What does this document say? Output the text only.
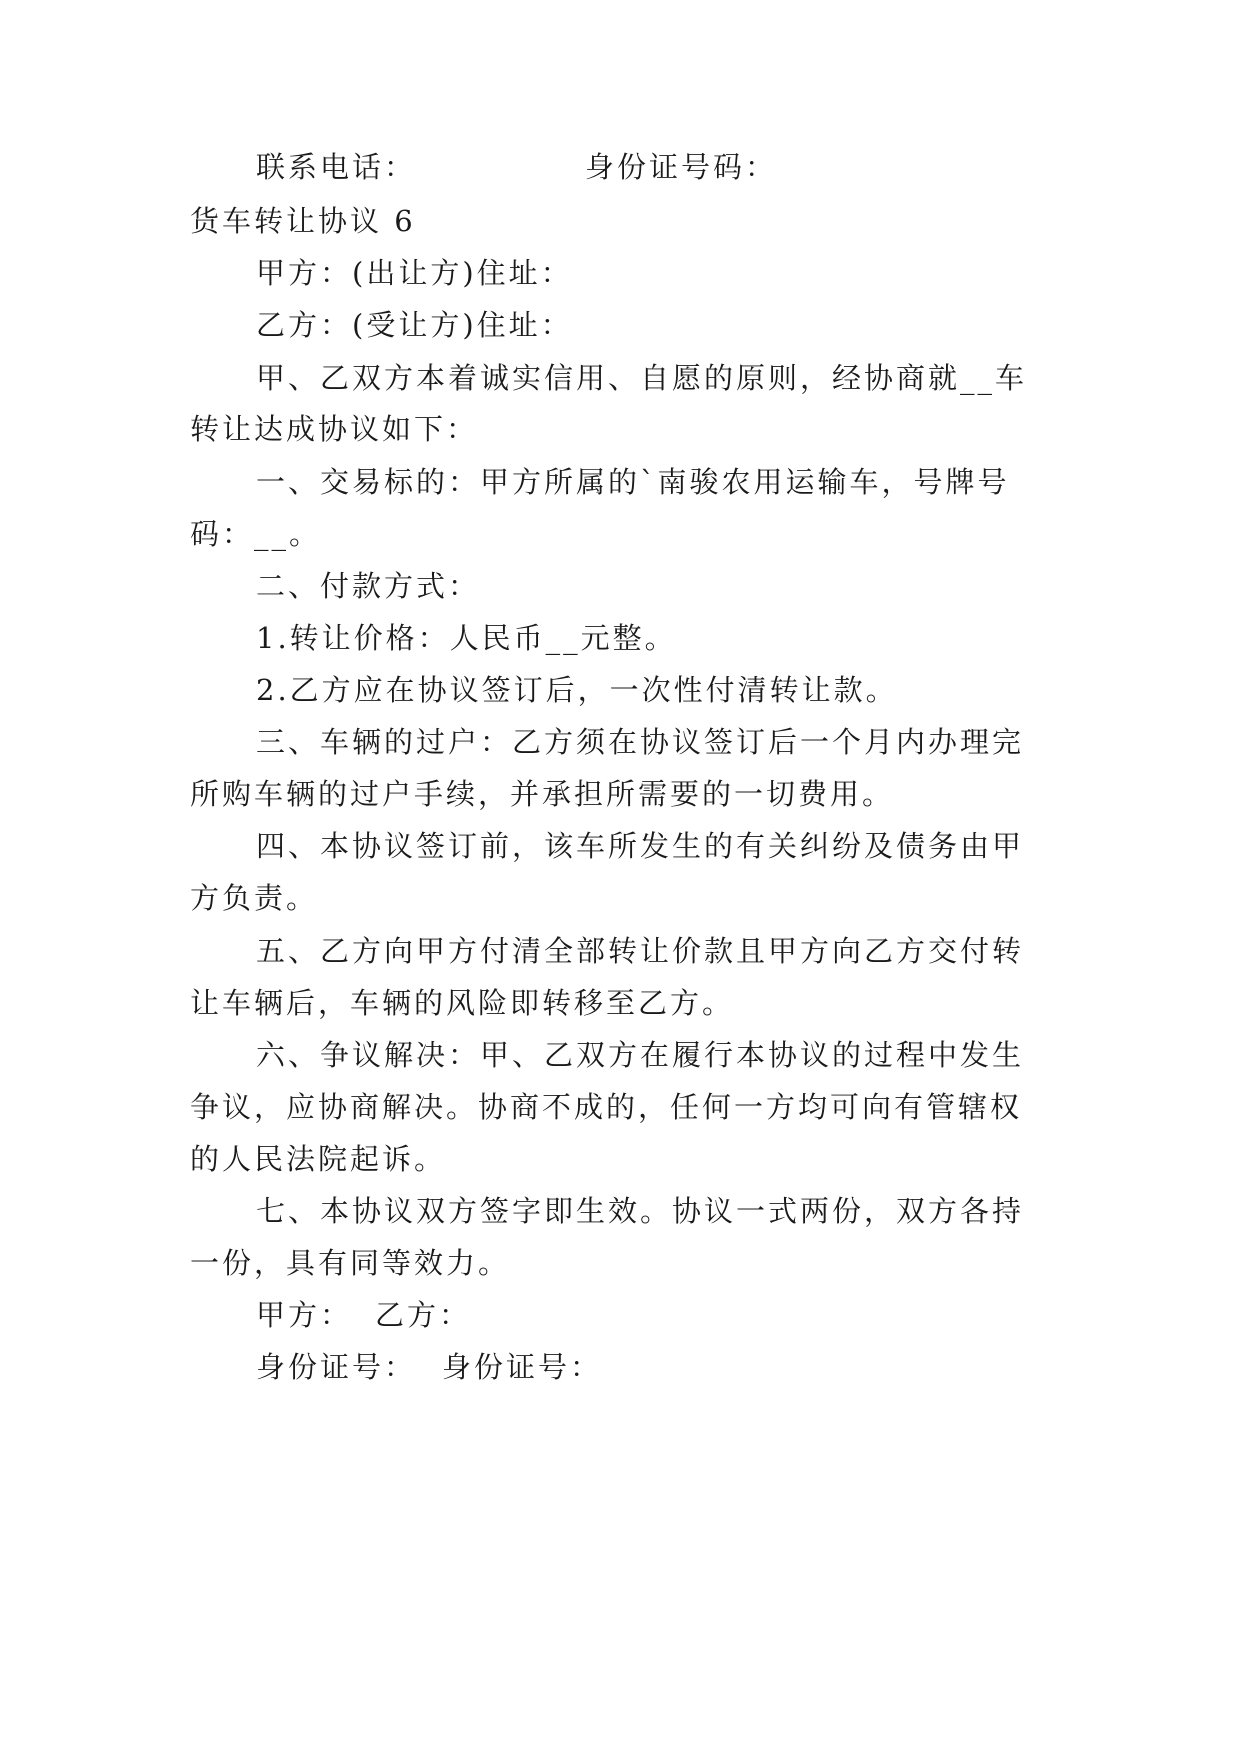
联系电话：	身份证号码：
货车转让协议 6
甲方：(出让方)住址：
乙方：(受让方)住址：
甲、乙双方本着诚实信用、自愿的原则，经协商就__车
转让达成协议如下：
一、交易标的：甲方所属的`南骏农用运输车，号牌号
码：__。
二、付款方式：
1.转让价格：人民币__元整。
2.乙方应在协议签订后，一次性付清转让款。
三、车辆的过户：乙方须在协议签订后一个月内办理完
所购车辆的过户手续，并承担所需要的一切费用。
四、本协议签订前，该车所发生的有关纠纷及债务由甲
方负责。
五、乙方向甲方付清全部转让价款且甲方向乙方交付转
让车辆后，车辆的风险即转移至乙方。
六、争议解决：甲、乙双方在履行本协议的过程中发生
争议，应协商解决。协商不成的，任何一方均可向有管辖权
的人民法院起诉。
七、本协议双方签字即生效。协议一式两份，双方各持
一份，具有同等效力。
甲方： 乙方：
身份证号： 身份证号：
